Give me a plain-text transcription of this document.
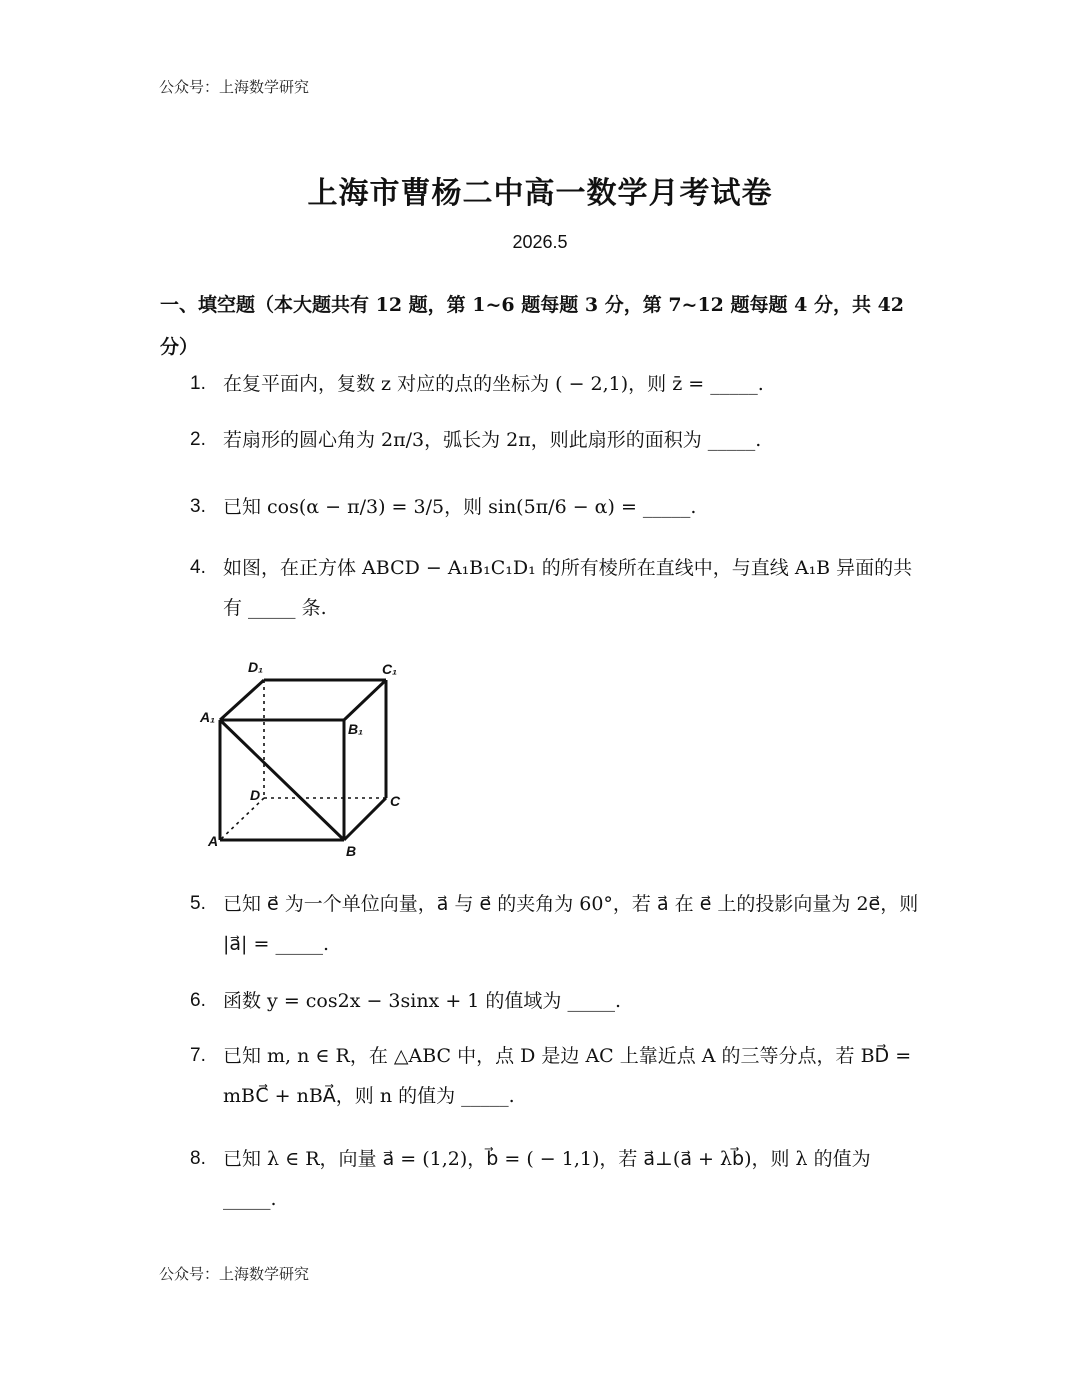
公众号：上海数学研究
上海市曹杨二中高一数学月考试卷
2026.5
一、填空题（本大题共有 12 题，第 1~6 题每题 3 分，第 7~12 题每题 4 分，共 42 分）
1. 在复平面内，复数 z 对应的点的坐标为 ( − 2,1)，则 z̄ = _____.
2. 若扇形的圆心角为 2π/3，弧长为 2π，则此扇形的面积为 _____.
3. 已知 cos(α − π/3) = 3/5，则 sin(5π/6 − α) = _____.
4. 如图，在正方体 ABCD − A₁B₁C₁D₁ 的所有棱所在直线中，与直线 A₁B 异面的共有 _____ 条.
D₁	C₁
A₁
B₁
D	C
A
B
5. 已知 e⃗ 为一个单位向量，a⃗ 与 e⃗ 的夹角为 60°，若 a⃗ 在 e⃗ 上的投影向量为 2e⃗，则 |a⃗| = _____.
6. 函数 y = cos2x − 3sinx + 1 的值域为 _____.
7. 已知 m, n ∈ R，在 △ABC 中，点 D 是边 AC 上靠近点 A 的三等分点，若 BD⃗ = mBC⃗ + nBA⃗，则 n 的值为 _____.
8. 已知 λ ∈ R，向量 a⃗ = (1,2)，b⃗ = ( − 1,1)，若 a⃗⊥(a⃗ + λb⃗)，则 λ 的值为 _____.
公众号：上海数学研究
